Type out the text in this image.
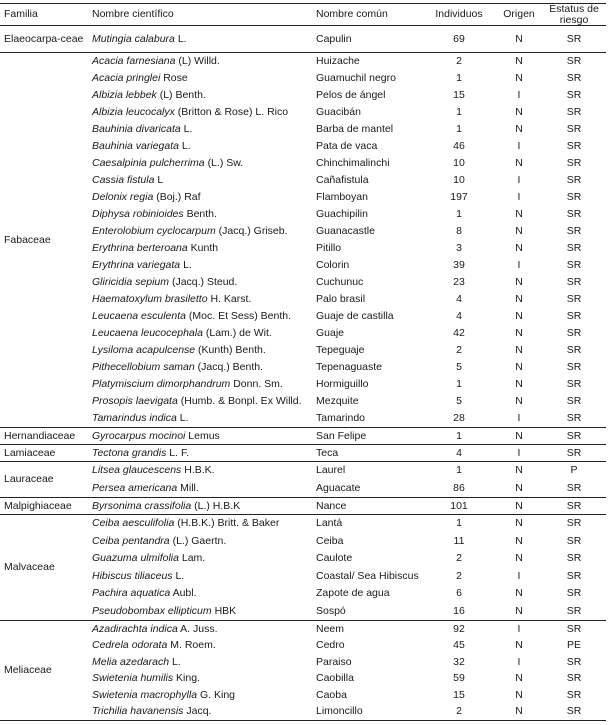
Familia	Nombre científico	Nombre común	Individuos	Origen	Estatus de riesgo
Elaeocarpa-ceae	Mutingia calabura L.	Capulin	69	N	SR
Fabaceae	Acacia farnesiana (L) Willd.	Huizache	2	N	SR
	Acacia pringlei Rose	Guamuchil negro	1	N	SR
	Albizia lebbek (L) Benth.	Pelos de ángel	15	I	SR
	Albizia leucocalyx (Britton & Rose) L. Rico	Guacibán	1	N	SR
	Bauhinia divaricata L.	Barba de mantel	1	N	SR
	Bauhinia variegata L.	Pata de vaca	46	I	SR
	Caesalpinia pulcherrima (L.) Sw.	Chinchimalinchi	10	N	SR
	Cassia fistula L	Cañafistula	10	I	SR
	Delonix regia (Boj.) Raf	Flamboyan	197	I	SR
	Diphysa robinioides Benth.	Guachipilin	1	N	SR
	Enterolobium cyclocarpum (Jacq.) Griseb.	Guanacastle	8	N	SR
	Erythrina berteroana Kunth	Pitillo	3	N	SR
	Erythrina variegata L.	Colorin	39	I	SR
	Gliricidia sepium (Jacq.) Steud.	Cuchunuc	23	N	SR
	Haematoxylum brasiletto H. Karst.	Palo brasil	4	N	SR
	Leucaena esculenta (Moc. Et Sess) Benth.	Guaje de castilla	4	N	SR
	Leucaena leucocephala (Lam.) de Wit.	Guaje	42	N	SR
	Lysiloma acapulcense (Kunth) Benth.	Tepeguaje	2	N	SR
	Pithecellobium saman (Jacq.) Benth.	Tepenaguaste	5	N	SR
	Platymiscium dimorphandrum Donn. Sm.	Hormiguillo	1	N	SR
	Prosopis laevigata (Humb. & Bonpl. Ex Willd.	Mezquite	5	N	SR
	Tamarindus indica L.	Tamarindo	28	I	SR
Hernandiaceae	Gyrocarpus mocinoi Lemus	San Felipe	1	N	SR
Lamiaceae	Tectona grandis L. F.	Teca	4	I	SR
Lauraceae	Litsea glaucescens H.B.K.	Laurel	1	N	P
	Persea americana Mill.	Aguacate	86	N	SR
Malpighiaceae	Byrsonima crassifolia (L.) H.B.K	Nance	101	N	SR
Malvaceae	Ceiba aesculifolia (H.B.K.) Britt. & Baker	Lantá	1	N	SR
	Ceiba pentandra (L.) Gaertn.	Ceiba	11	N	SR
	Guazuma ulmifolia Lam.	Caulote	2	N	SR
	Hibiscus tiliaceus L.	Coastal/ Sea Hibiscus	2	I	SR
	Pachira aquatica Aubl.	Zapote de agua	6	N	SR
	Pseudobombax ellipticum HBK	Sospó	16	N	SR
Meliaceae	Azadirachta indica A. Juss.	Neem	92	I	SR
	Cedrela odorata M. Roem.	Cedro	45	N	PE
	Melia azedarach L.	Paraiso	32	I	SR
	Swietenia humilis King.	Caobilla	59	N	SR
	Swietenia macrophylla G. King	Caoba	15	N	SR
	Trichilia havanensis Jacq.	Limoncillo	2	N	SR
